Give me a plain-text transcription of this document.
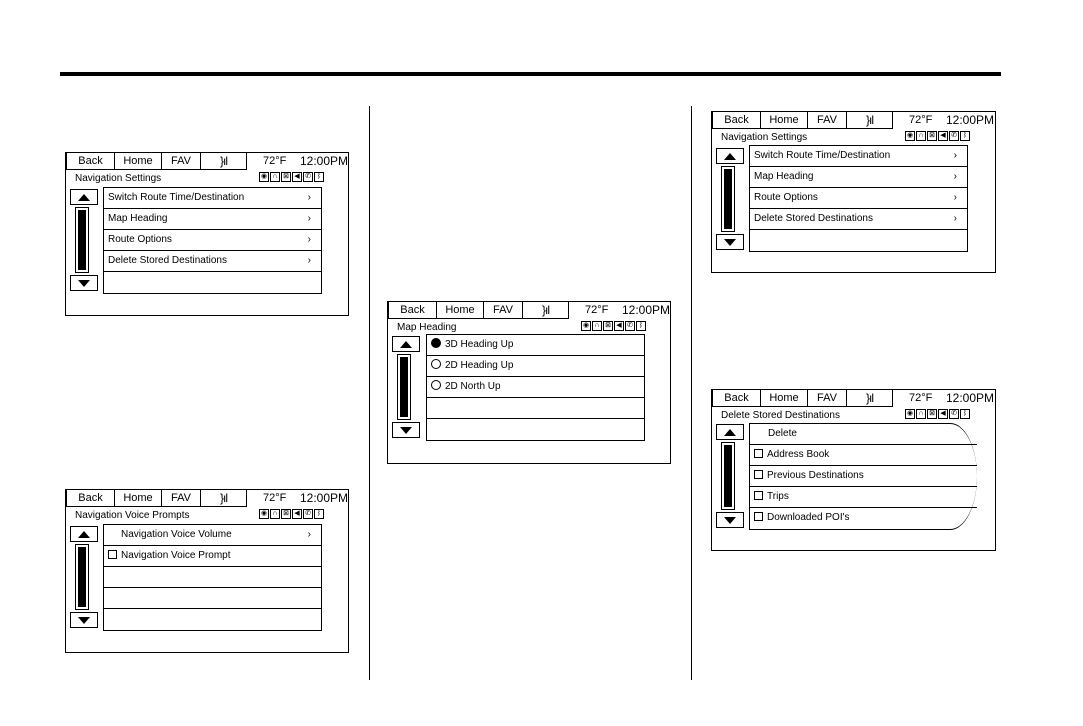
Back	Home	FAV	}ıl	72°F 12:00PM
Navigation Settings	◉ ∩ ⊠ ◀ ✆ ᛒ
Switch Route Time/Destination	›
Map Heading	›
Route Options	›
Delete Stored Destinations	›
Back	Home	FAV	}ıl	72°F 12:00PM
Navigation Voice Prompts	◉ ∩ ⊠ ◀ ✆ ᛒ
Navigation Voice Volume	›
Navigation Voice Prompt
Back	Home	FAV	}ıl	72°F 12:00PM
Map Heading	◉ ∩ ⊠ ◀ ✆ ᛒ
3D Heading Up
2D Heading Up
2D North Up
Back	Home	FAV	}ıl	72°F 12:00PM
Navigation Settings	◉ ∩ ⊠ ◀ ✆ ᛒ
Switch Route Time/Destination	›
Map Heading	›
Route Options	›
Delete Stored Destinations	›
Back	Home	FAV	}ıl	72°F 12:00PM
Delete Stored Destinations	◉ ∩ ⊠ ◀ ✆ ᛒ
Delete
Address Book
Previous Destinations
Trips
Downloaded POI's
